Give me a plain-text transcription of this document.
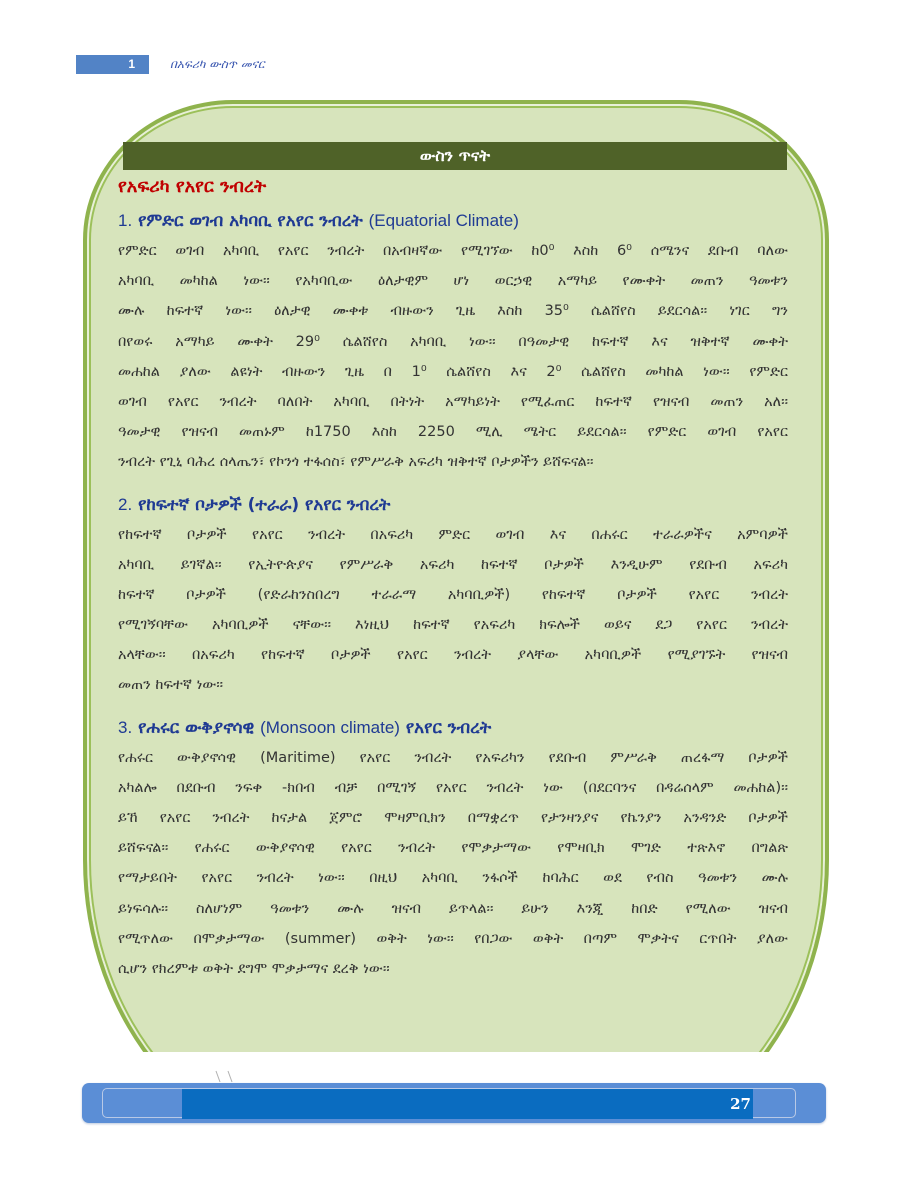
1	በአፍሪካ ውስጥ መናር
ውስን ጥናት
የአፍሪካ የአየር ንብረት
1. የምድር ወገብ አካባቢ የአየር ንብረት (Equatorial Climate)
የምድር ወገብ አካባቢ የአየር ንብረት በአብዛኛው የሚገኘው ከ0⁰ እስከ 6⁰ ሰሜንና ደቡብ ባለው
አካባቢ መካከል ነው፡፡ የአካባቢው ዕለታዊም ሆነ ወርኃዊ አማካይ የሙቀት መጠን ዓመቱን
ሙሉ ከፍተኛ ነው፡፡ ዕለታዊ ሙቀቱ ብዙውን ጊዜ እስከ 35⁰ ሴልሸየስ ይደርሳል፡፡ ነገር ግን
በየወሩ አማካይ ሙቀት 29⁰ ሴልሸየስ አካባቢ ነው፡፡ በዓመታዊ ከፍተኛ እና ዝቅተኛ ሙቀት
መሐከል ያለው ልዩነት ብዙውን ጊዜ በ 1⁰ ሴልሸየስ እና 2⁰ ሴልሸየስ መካከል ነው፡፡ የምድር
ወገብ የአየር ንብረት ባለበት አካባቢ በትነት አማካይነት የሚፈጠር ከፍተኛ የዝናብ መጠን አለ፡፡
ዓመታዊ የዝናብ መጠኑም ከ1750 እስከ 2250 ሚሊ ሜትር ይደርሳል፡፡ የምድር ወገብ የአየር
ንብረት የጊኒ ባሕረ ሰላጤን፣ የኮንጎ ተፋሰስ፣ የምሥራቅ አፍሪካ ዝቅተኛ ቦታዎችን ይሸፍናል፡፡
2. የከፍተኛ ቦታዎች (ተራራ) የአየር ንብረት
የከፍተኛ ቦታዎች የአየር ንብረት በአፍሪካ ምድር ወገብ እና በሐሩር ተራራዎችና አምባዎች
አካባቢ ይገኛል፡፡ የኢትዮጵያና የምሥራቅ አፍሪካ ከፍተኛ ቦታዎች እንዲሁም የደቡብ አፍሪካ
ከፍተኛ ቦታዎች (የድራከንስበረግ ተራራማ አካባቢዎች) የከፍተኛ ቦታዎች የአየር ንብረት
የሚገኝባቸው አካባቢዎች ናቸው፡፡ እነዚህ ከፍተኛ የአፍሪካ ክፍሎች ወይና ደጋ የአየር ንብረት
አላቸው፡፡ በአፍሪካ የከፍተኛ ቦታዎች የአየር ንብረት ያላቸው አካባቢዎች የሚያገኙት የዝናብ
መጠን ከፍተኛ ነው፡፡
3. የሐሩር ውቅያኖሳዊ (Monsoon climate) የአየር ንብረት
የሐሩር ውቅያኖሳዊ (Maritime) የአየር ንብረት የአፍሪካን የደቡብ ምሥራቅ ጠረፋማ ቦታዎች
አካልሎ በደቡብ ንፍቀ -ክበብ ብቻ በሚገኝ የአየር ንብረት ነው (በደርባንና በዳሬሰላም መሐከል)፡፡
ይኸ የአየር ንብረት ከናታል ጀምሮ ሞዛምቢክን በማቋረጥ የታንዛንያና የኬንያን አንዳንድ ቦታዎች
ይሸፍናል፡፡ የሐሩር ውቅያኖሳዊ የአየር ንብረት የሞቃታማው የሞዛቢክ ሞገድ ተጽእኖ በግልጽ
የማታይበት የአየር ንብረት ነው፡፡ በዚህ አካባቢ ንፋሶች ከባሕር ወደ የብስ ዓመቱን ሙሉ
ይነፍሳሉ፡፡ ስለሆነም ዓመቱን ሙሉ ዝናብ ይጥላል፡፡ ይሁን እንጂ ከበድ የሚለው ዝናብ
የሚጥለው በሞቃታማው (summer) ወቅት ነው፡፡ የበጋው ወቅት በጣም ሞቃትና ርጥበት ያለው
ሲሆን የክረምቱ ወቅት ደግሞ ሞቃታማና ደረቅ ነው፡፡
27
